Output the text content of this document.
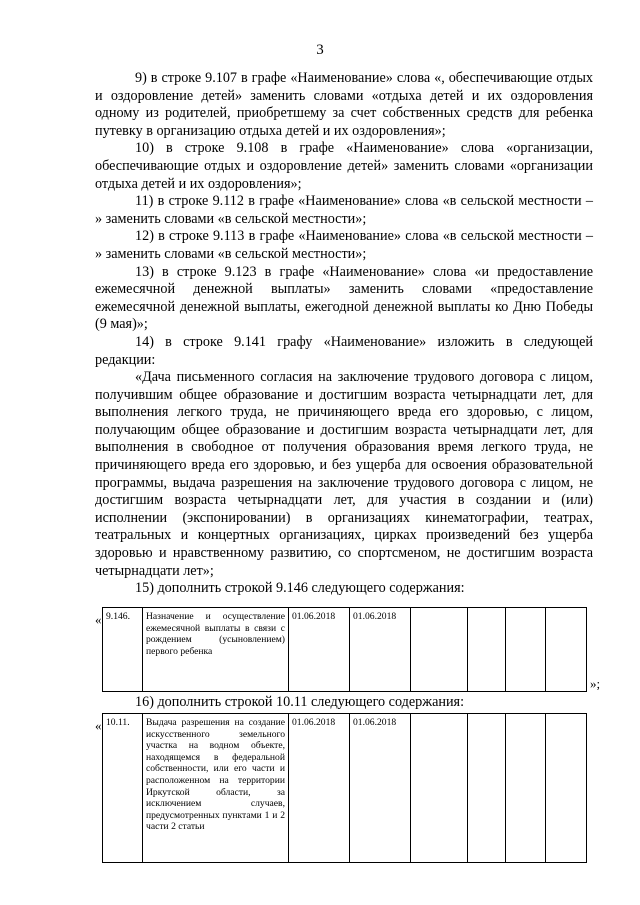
3

9) в строке 9.107 в графе «Наименование» слова «, обеспечивающие отдых и оздоровление детей» заменить словами «отдыха детей и их оздоровления одному из родителей, приобретшему за счет собственных средств для ребенка путевку в организацию отдыха детей и их оздоровления»;

10) в строке 9.108 в графе «Наименование» слова «организации, обеспечивающие отдых и оздоровление детей» заменить словами «организации отдыха детей и их оздоровления»;

11) в строке 9.112 в графе «Наименование» слова «в сельской местности – » заменить словами «в сельской местности»;

12) в строке 9.113 в графе «Наименование» слова «в сельской местности – » заменить словами «в сельской местности»;

13) в строке 9.123 в графе «Наименование» слова «и предоставление ежемесячной денежной выплаты» заменить словами «предоставление ежемесячной денежной выплаты, ежегодной денежной выплаты ко Дню Победы (9 мая)»;

14) в строке 9.141 графу «Наименование» изложить в следующей редакции:

«Дача письменного согласия на заключение трудового договора с лицом, получившим общее образование и достигшим возраста четырнадцати лет, для выполнения легкого труда, не причиняющего вреда его здоровью, с лицом, получающим общее образование и достигшим возраста четырнадцати лет, для выполнения в свободное от получения образования время легкого труда, не причиняющего вреда его здоровью, и без ущерба для освоения образовательной программы, выдача разрешения на заключение трудового договора с лицом, не достигшим возраста четырнадцати лет, для участия в создании и (или) исполнении (экспонировании) в организациях кинематографии, театрах, театральных и концертных организациях, цирках произведений без ущерба здоровью и нравственному развитию, со спортсменом, не достигшим возраста четырнадцати лет»;

15) дополнить строкой 9.146 следующего содержания:
« 9.146.	Назначение и осуществление ежемесячной выплаты в связи с рождением (усыновлением) первого ребенка	01.06.2018	01.06.2018				
»;
16) дополнить строкой 10.11 следующего содержания:
« 10.11.	Выдача разрешения на создание искусственного земельного участка на водном объекте, находящемся в федеральной собственности, или его части и расположенном на территории Иркутской области, за исключением случаев, предусмотренных пунктами 1 и 2 части 2 статьи	01.06.2018	01.06.2018				
